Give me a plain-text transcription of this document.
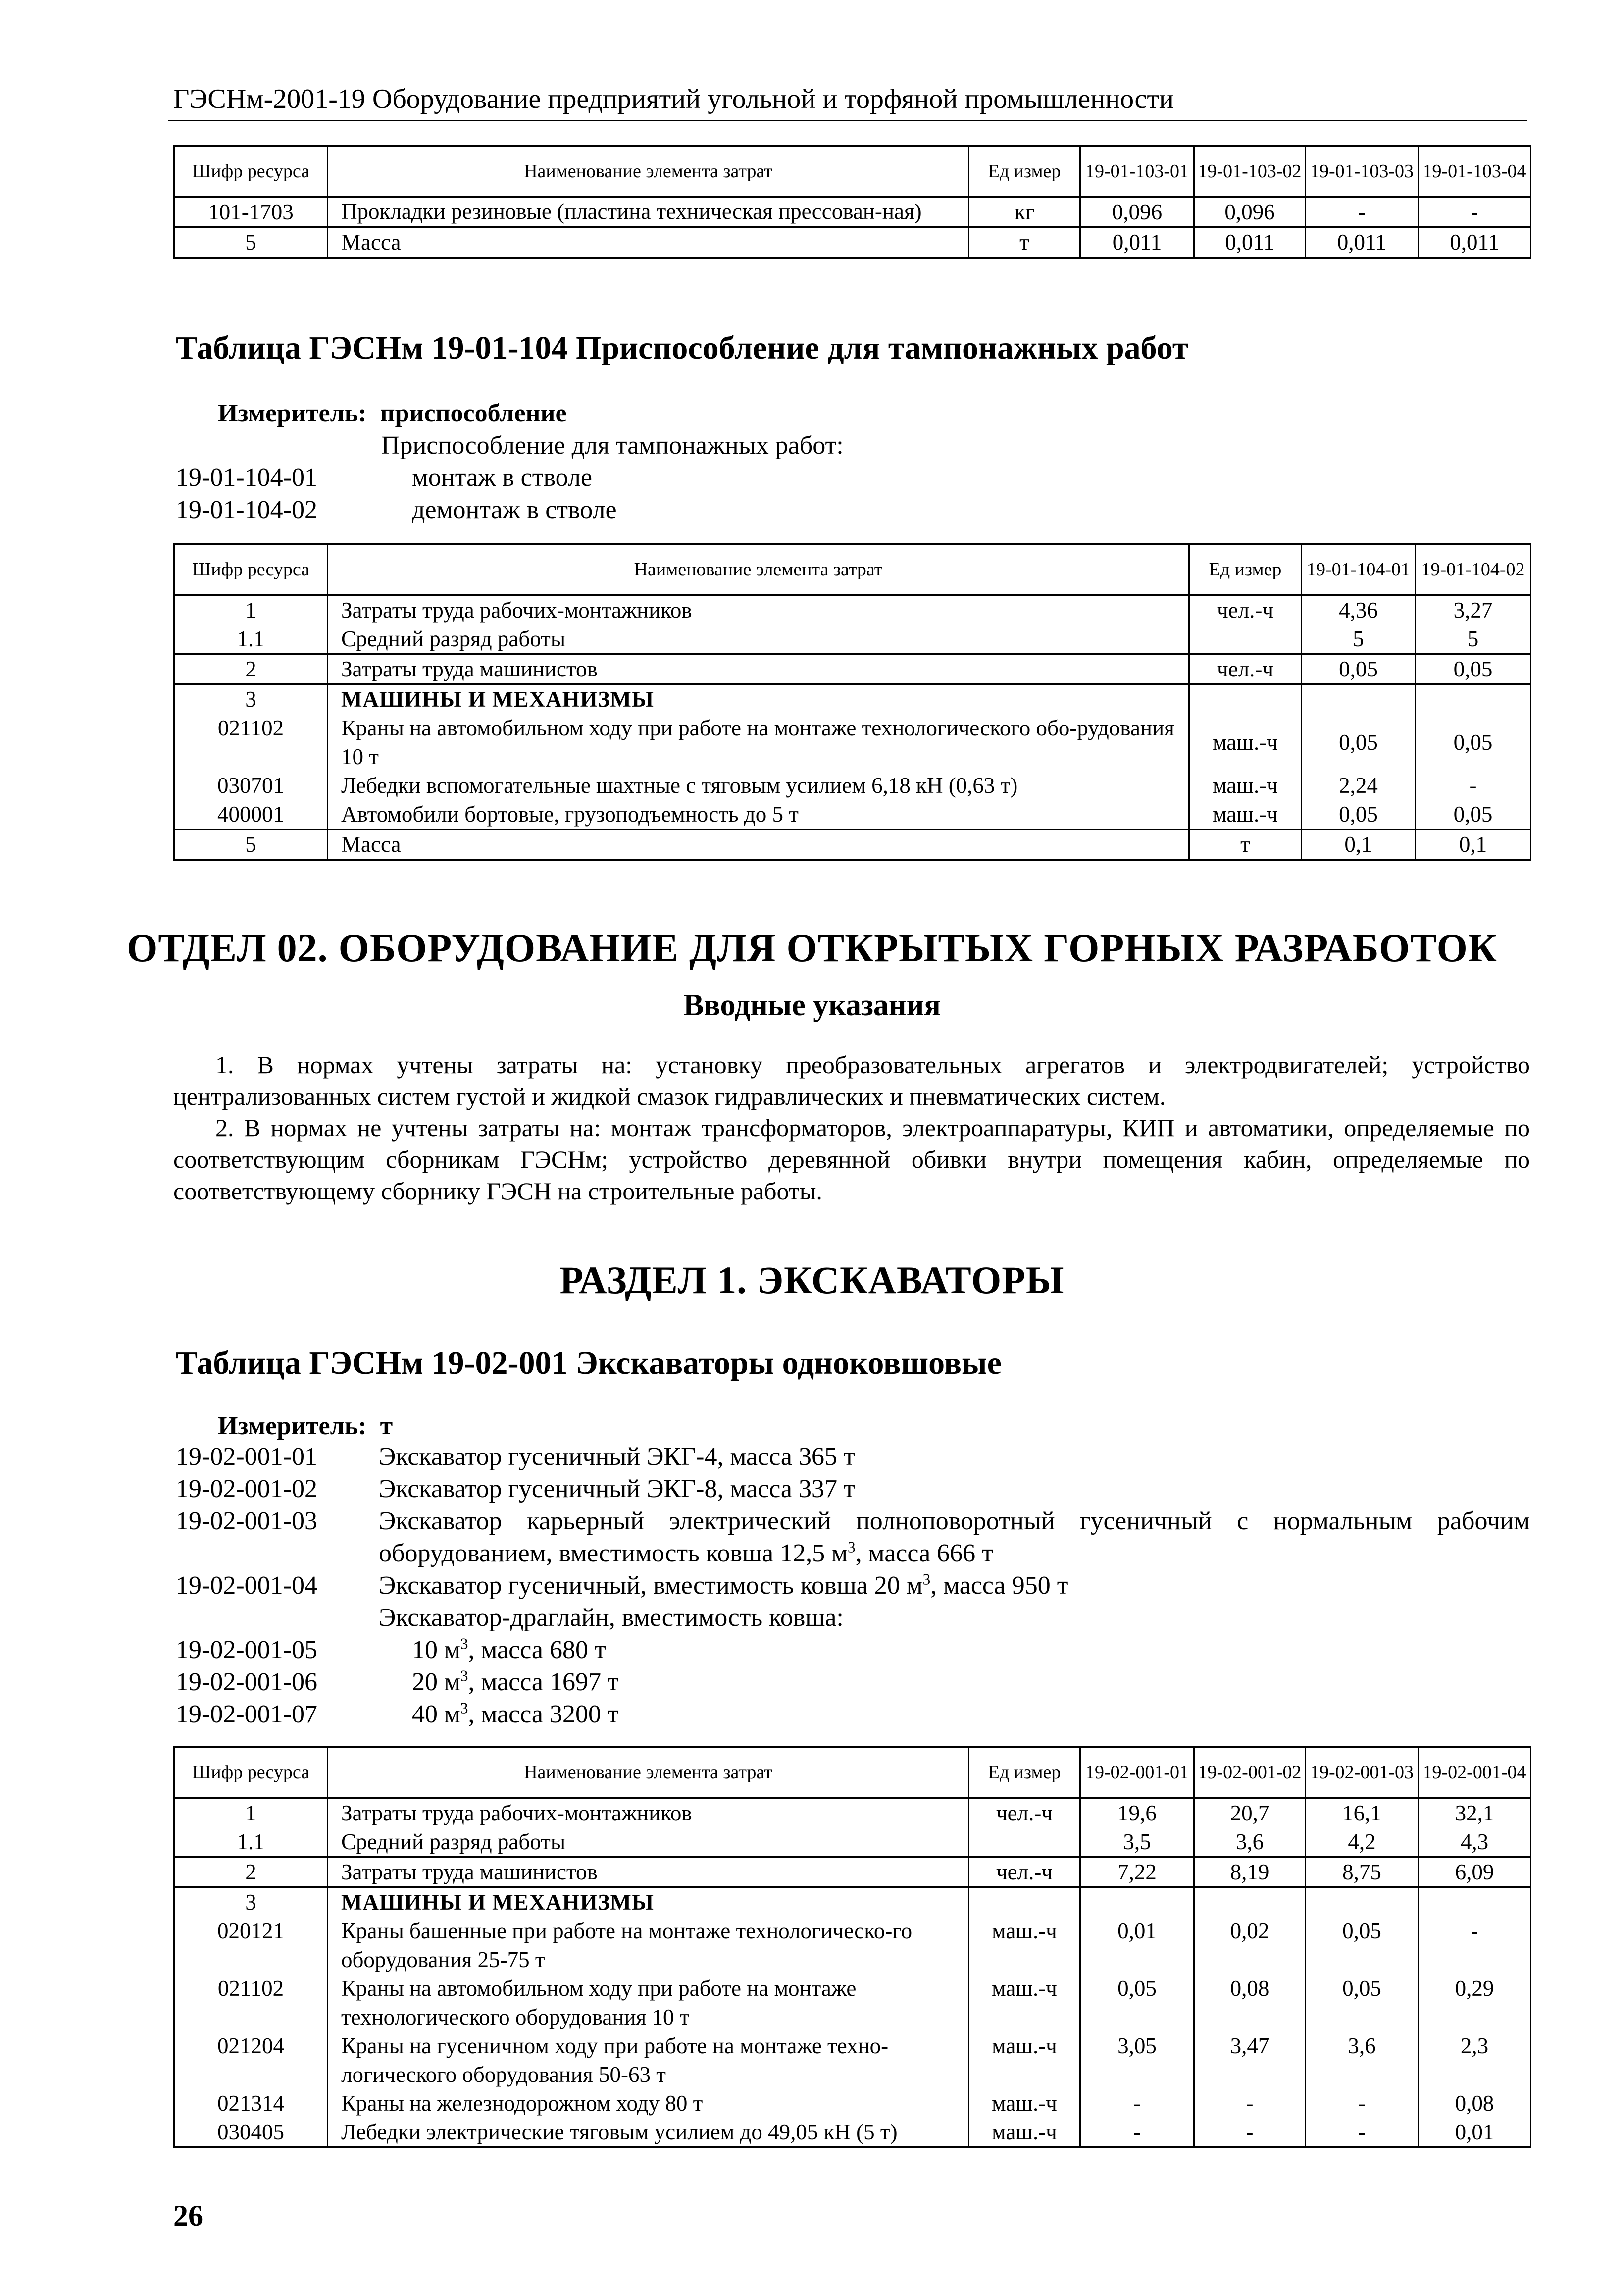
ГЭСНм-2001-19 Оборудование предприятий угольной и торфяной промышленности
Шифр ресурса	Наименование элемента затрат	Ед измер	19-01-103-01	19-01-103-02	19-01-103-03	19-01-103-04
101-1703	Прокладки резиновые (пластина техническая прессован-ная)	кг	0,096	0,096	-	-
5	Масса	т	0,011	0,011	0,011	0,011
Таблица ГЭСНм 19-01-104 Приспособление для тампонажных работ
Измеритель: приспособление
Приспособление для тампонажных работ:
19-01-104-01	монтаж в стволе
19-01-104-02	демонтаж в стволе
Шифр ресурса	Наименование элемента затрат	Ед измер	19-01-104-01	19-01-104-02
1	Затраты труда рабочих-монтажников	чел.-ч	4,36	3,27
1.1	Средний разряд работы		5	5
2	Затраты труда машинистов	чел.-ч	0,05	0,05
3	МАШИНЫ И МЕХАНИЗМЫ			
021102	Краны на автомобильном ходу при работе на монтаже технологического обо-рудования 10 т	маш.-ч	0,05	0,05
030701	Лебедки вспомогательные шахтные с тяговым усилием 6,18 кН (0,63 т)	маш.-ч	2,24	-
400001	Автомобили бортовые, грузоподъемность до 5 т	маш.-ч	0,05	0,05
5	Масса	т	0,1	0,1
ОТДЕЛ 02. ОБОРУДОВАНИЕ ДЛЯ ОТКРЫТЫХ ГОРНЫХ РАЗРАБОТОК
Вводные указания
1. В нормах учтены затраты на: установку преобразовательных агрегатов и электродвигателей; устройство централизованных систем густой и жидкой смазок гидравлических и пневматических систем.
2. В нормах не учтены затраты на: монтаж трансформаторов, электроаппаратуры, КИП и автоматики, определяемые по соответствующим сборникам ГЭСНм; устройство деревянной обивки внутри помещения кабин, определяемые по соответствующему сборнику ГЭСН на строительные работы.
РАЗДЕЛ 1. ЭКСКАВАТОРЫ
Таблица ГЭСНм 19-02-001 Экскаваторы одноковшовые
Измеритель: т
19-02-001-01 Экскаватор гусеничный ЭКГ-4, масса 365 т
19-02-001-02 Экскаватор гусеничный ЭКГ-8, масса 337 т
19-02-001-03 Экскаватор карьерный электрический полноповоротный гусеничный с нормальным рабочим
оборудованием, вместимость ковша 12,5 $м^3$, масса 666 т
19-02-001-04 Экскаватор гусеничный, вместимость ковша 20 $м^3$, масса 950 т
Экскаватор-драглайн, вместимость ковша:
19-02-001-05	10 $м^3$, масса 680 т
19-02-001-06	20 $м^3$, масса 1697 т
19-02-001-07	40 $м^3$, масса 3200 т
Шифр ресурса	Наименование элемента затрат	Ед измер	19-02-001-01	19-02-001-02	19-02-001-03	19-02-001-04
1	Затраты труда рабочих-монтажников	чел.-ч	19,6	20,7	16,1	32,1
1.1	Средний разряд работы		3,5	3,6	4,2	4,3
2	Затраты труда машинистов	чел.-ч	7,22	8,19	8,75	6,09
3	МАШИНЫ И МЕХАНИЗМЫ					
020121	Краны башенные при работе на монтаже технологическо-го оборудования 25-75 т	маш.-ч	0,01	0,02	0,05	-
021102	Краны на автомобильном ходу при работе на монтаже технологического оборудования 10 т	маш.-ч	0,05	0,08	0,05	0,29
021204	Краны на гусеничном ходу при работе на монтаже техно-логического оборудования 50-63 т	маш.-ч	3,05	3,47	3,6	2,3
021314	Краны на железнодорожном ходу 80 т	маш.-ч	-	-	-	0,08
030405	Лебедки электрические тяговым усилием до 49,05 кН (5 т)	маш.-ч	-	-	-	0,01
26
